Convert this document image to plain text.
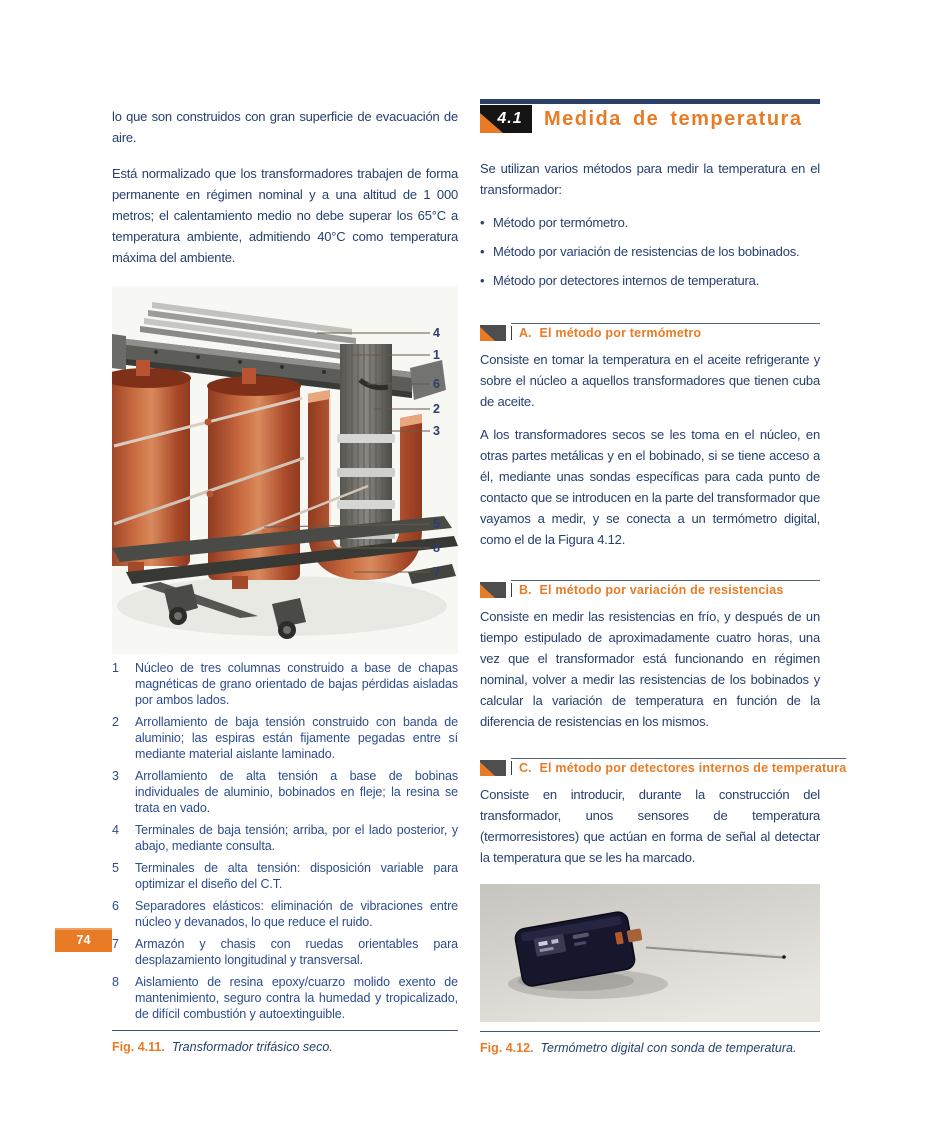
lo que son construidos con gran superficie de evacuación de aire.

Está normalizado que los transformadores trabajen de forma permanente en régimen nominal y a una altitud de 1 000 metros; el calentamiento medio no debe superar los 65°C a temperatura ambiente, admitiendo 40°C como temperatura máxima del ambiente.

4
1
6
2
3
5
8
7
1	Núcleo de tres columnas construido a base de chapas magnéticas de grano orientado de bajas pérdidas aisladas por ambos lados.
2	Arrollamiento de baja tensión construido con banda de aluminio; las espiras están fijamente pegadas entre sí mediante material aislante laminado.
3	Arrollamiento de alta tensión a base de bobinas individuales de aluminio, bobinados en fleje; la resina se trata en vado.
4	Terminales de baja tensión; arriba, por el lado posterior, y abajo, mediante consulta.
5	Terminales de alta tensión: disposición variable para optimizar el diseño del C.T.
6	Separadores elásticos: eliminación de vibraciones entre núcleo y devanados, lo que reduce el ruido.
7	Armazón y chasis con ruedas orientables para desplazamiento longitudinal y transversal.
8	Aislamiento de resina epoxy/cuarzo molido exento de mantenimiento, seguro contra la humedad y tropicalizado, de difícil combustión y autoextinguible.

Fig. 4.11. Transformador trifásico seco.

74
4.1	Medida de temperatura

Se utilizan varios métodos para medir la temperatura en el transformador:

• Método por termómetro.
• Método por variación de resistencias de los bobinados.
• Método por detectores internos de temperatura.
A. El método por termómetro

Consiste en tomar la temperatura en el aceite refrigerante y sobre el núcleo a aquellos transformadores que tienen cuba de aceite.

A los transformadores secos se les toma en el núcleo, en otras partes metálicas y en el bobinado, si se tiene acceso a él, mediante unas sondas específicas para cada punto de contacto que se introducen en la parte del transformador que vayamos a medir, y se conecta a un termómetro digital, como el de la Figura 4.12.

B. El método por variación de resistencias

Consiste en medir las resistencias en frío, y después de un tiempo estipulado de aproximadamente cuatro horas, una vez que el transformador está funcionando en régimen nominal, volver a medir las resistencias de los bobinados y calcular la variación de temperatura en función de la diferencia de resistencias en los mismos.

C. El método por detectores internos de temperatura

Consiste en introducir, durante la construcción del transformador, unos sensores de temperatura (termorresistores) que actúan en forma de señal al detectar la temperatura que se les ha marcado.

Fig. 4.12. Termómetro digital con sonda de temperatura.
